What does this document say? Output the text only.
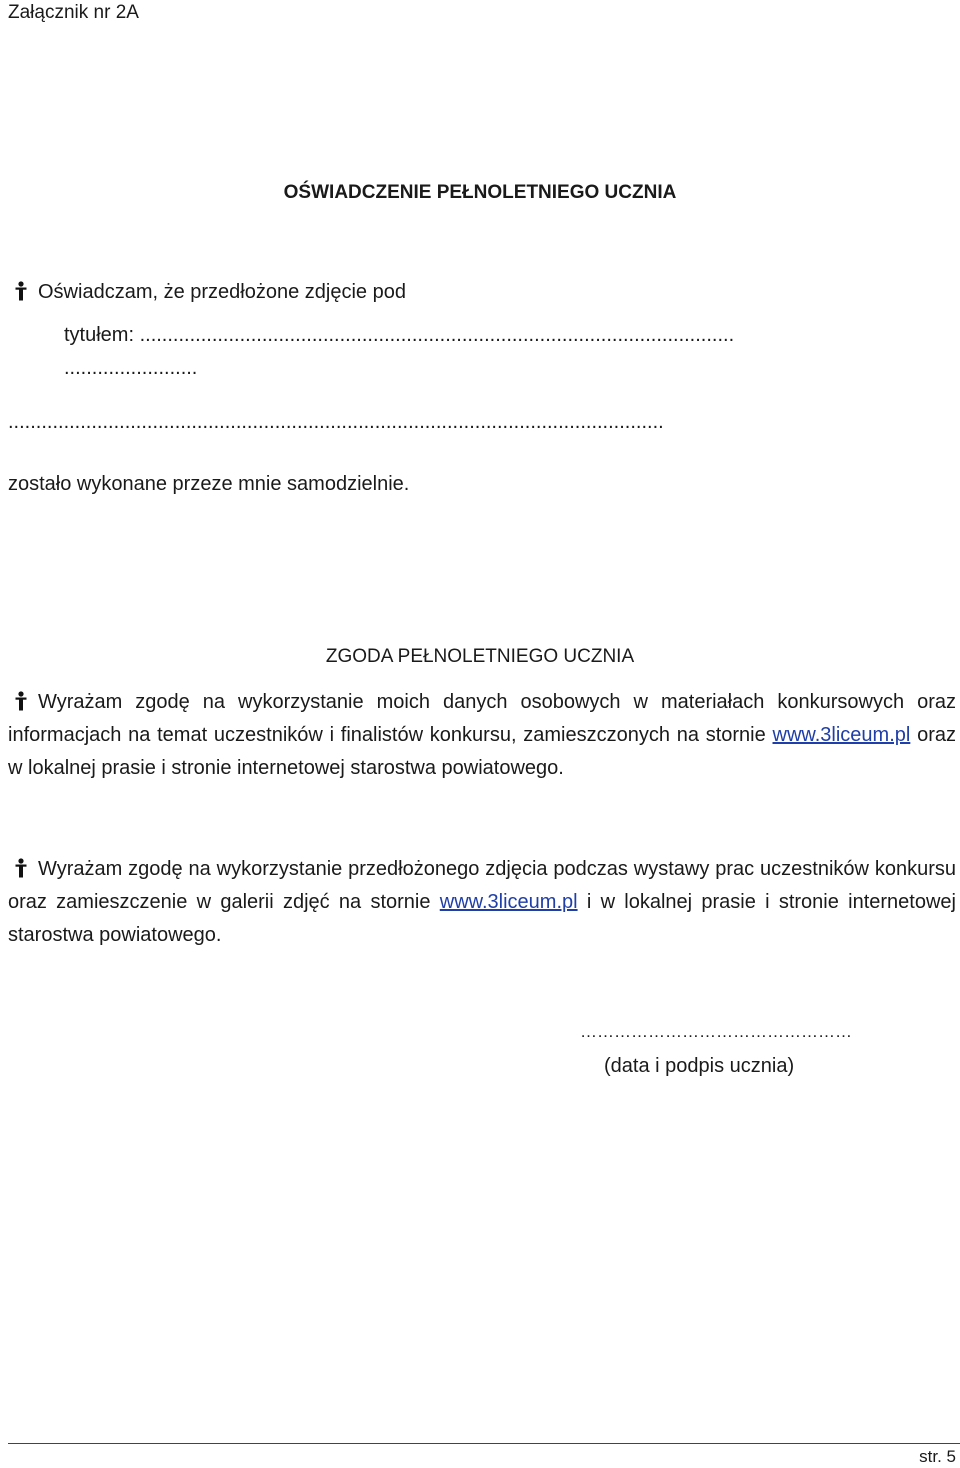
Załącznik nr 2A
OŚWIADCZENIE PEŁNOLETNIEGO UCZNIA
Oświadczam, że przedłożone zdjęcie pod
tytułem: ...........................................................................................................
........................
......................................................................................................................
zostało wykonane przeze mnie samodzielnie.
ZGODA PEŁNOLETNIEGO UCZNIA
Wyrażam zgodę na wykorzystanie moich danych osobowych w materiałach konkursowych oraz informacjach na temat uczestników i finalistów konkursu, zamieszczonych na stornie www.3liceum.pl oraz w lokalnej prasie i stronie internetowej starostwa powiatowego.
Wyrażam zgodę na wykorzystanie przedłożonego zdjęcia podczas wystawy prac uczestników konkursu oraz zamieszczenie w galerii zdjęć na stornie www.3liceum.pl i w lokalnej prasie i stronie internetowej starostwa powiatowego.
…………………………………………
(data i podpis ucznia)
str. 5
